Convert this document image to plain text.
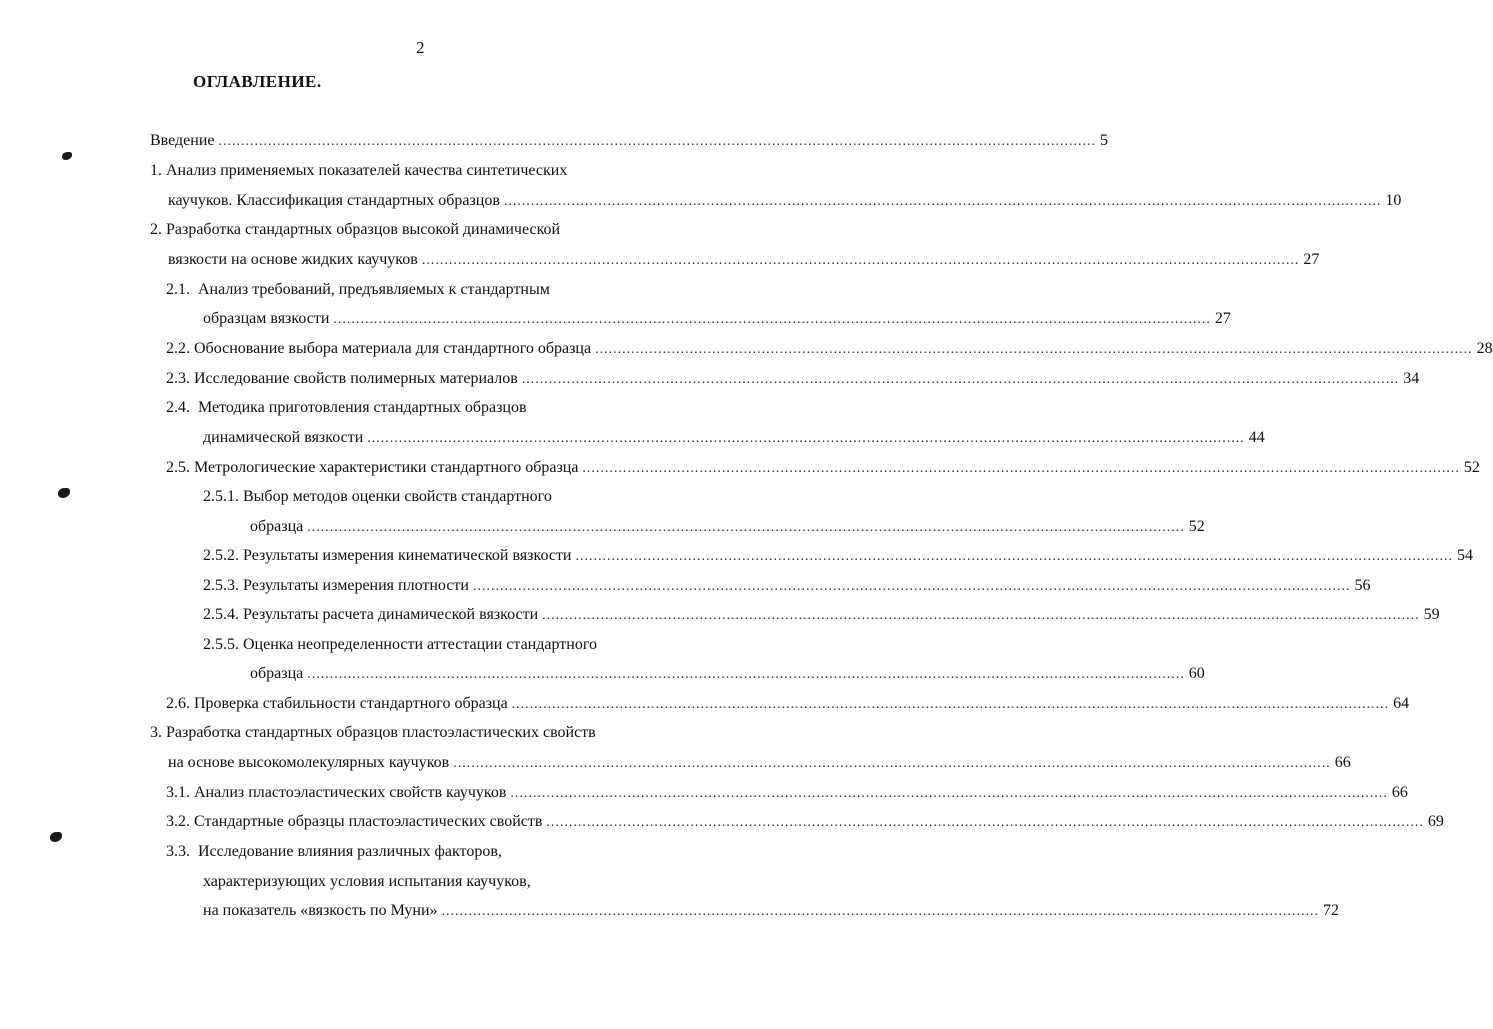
2
ОГЛАВЛЕНИЕ.
Введение ................................................................................................................................................................................................... 5
1. Анализ применяемых показателей качества синтетических
каучуков. Классификация стандартных образцов ................................................................................................................................................................................................... 10
2. Разработка стандартных образцов высокой динамической
вязкости на основе жидких каучуков ................................................................................................................................................................................................... 27
2.1. Анализ требований, предъявляемых к стандартным
образцам вязкости ................................................................................................................................................................................................... 27
2.2.
Обоснование выбора материала для стандартного образца ................................................................................................................................................................................................... 28
2.3.
Исследование свойств полимерных материалов ................................................................................................................................................................................................... 34
2.4. Методика приготовления стандартных образцов
динамической вязкости ................................................................................................................................................................................................... 44
2.5.
Метрологические характеристики стандартного образца ................................................................................................................................................................................................... 52
2.5.1. Выбор методов оценки свойств стандартного
образца ................................................................................................................................................................................................... 52
2.5.2.
Результаты измерения кинематической вязкости ................................................................................................................................................................................................... 54
2.5.3.
Результаты измерения плотности ................................................................................................................................................................................................... 56
2.5.4.
Результаты расчета динамической вязкости ................................................................................................................................................................................................... 59
2.5.5. Оценка неопределенности аттестации стандартного
образца ................................................................................................................................................................................................... 60
2.6.
Проверка стабильности стандартного образца ................................................................................................................................................................................................... 64
3. Разработка стандартных образцов пластоэластических свойств
на основе высокомолекулярных каучуков ................................................................................................................................................................................................... 66
3.1.
Анализ пластоэластических свойств каучуков ................................................................................................................................................................................................... 66
3.2.
Стандартные образцы пластоэластических свойств ................................................................................................................................................................................................... 69
3.3. Исследование влияния различных факторов,
характеризующих условия испытания каучуков,
на показатель «вязкость по Муни» ................................................................................................................................................................................................... 72
